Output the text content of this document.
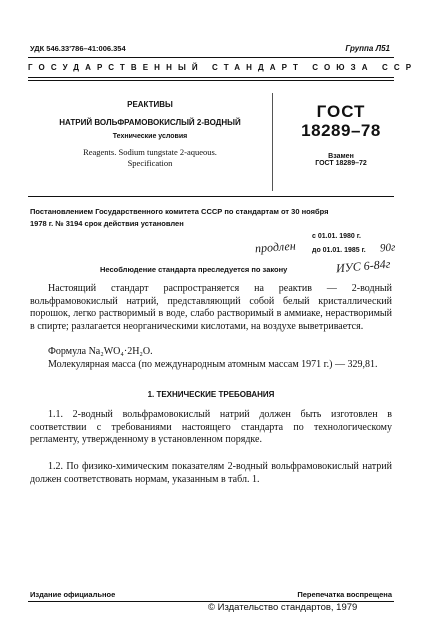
УДК 546.33'786–41:006.354	Группа Л51
ГОСУДАРСТВЕННЫЙ СТАНДАРТ СОЮЗА ССР
РЕАКТИВЫ
НАТРИЙ ВОЛЬФРАМОВОКИСЛЫЙ 2-ВОДНЫЙ
Технические условия
Reagents. Sodium tungstate 2-aqueous.
Specification
ГОСТ
18289–78
Взамен
ГОСТ 18289–72
Постановлением Государственного комитета СССР по стандартам от 30 ноября
1978 г. № 3194 срок действия установлен
с 01.01. 1980 г.
продлен до 01.01. 1985 г. 90г
ИУС 6-84г
Несоблюдение стандарта преследуется по закону
Настоящий стандарт распространяется на реактив — 2-водный вольфрамовокислый натрий, представляющий собой белый кристаллический порошок, легко растворимый в воде, слабо растворимый в аммиаке, нерастворимый в спирте; разлагается неорганическими кислотами, на воздухе выветривается.
Формула Na₂WO₄·2H₂O.
Молекулярная масса (по международным атомным массам 1971 г.) — 329,81.
1. ТЕХНИЧЕСКИЕ ТРЕБОВАНИЯ
1.1. 2-водный вольфрамовокислый натрий должен быть изготовлен в соответствии с требованиями настоящего стандарта по технологическому регламенту, утвержденному в установленном порядке.
1.2. По физико-химическим показателям 2-водный вольфрамовокислый натрий должен соответствовать нормам, указанным в табл. 1.
Издание официальное	Перепечатка воспрещена
© Издательство стандартов, 1979
